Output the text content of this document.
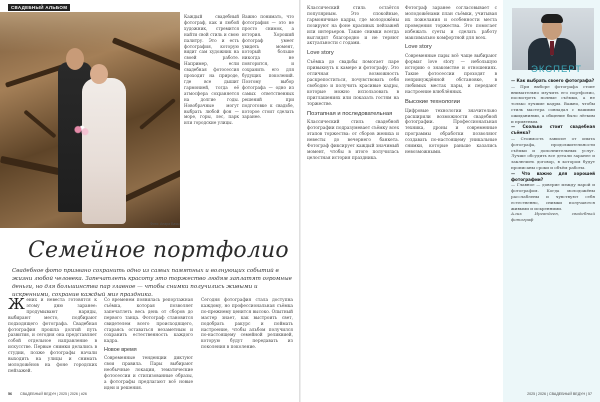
СВАДЕБНЫЙ АЛЬБОМ
Фото: Анара Бачы
Каждый свадебный фотограф, как и любой художник, стремится найти свой стиль и свою палитру. Это и есть фотография, которую видит сам художник на своей работе. Например, если свадебная фотосессия проходит на природе, где все дышит гармонией, тогда её атмосфера сохраняется на долгие годы. Новобрачные могут выбрать любой фон — море, горы, лес, парк или городские улицы.
Важно понимать, что фотография — это не просто снимок, а история. Хороший фотограф умеет увидеть момент, который больше никогда не повторится, и сохранить его для будущих поколений. Поэтому выбор фотографа — одно из самых ответственных решений при подготовке к свадьбе, которое стоит сделать заранее.
Семейное портфолио
Свадебное фото призвано сохранить одно из самых памятных и волнующих событий в жизни любой человека. Запечатлеть красоту это торжество людям заплатят огромные деньги, но для большинства пар главное — чтобы снимки получились живыми и искренними, сохранив каждый миг праздника.
Жених и невеста готовятся к этому дню заранее: продумывают наряды, выбирают место, подбирают подходящего фотографа. Свадебная фотография прошла долгий путь развития, и сегодня она представляет собой отдельное направление в искусстве. Первые снимки делались в студии, позже фотографы начали выходить на улицы и снимать молодожёнов на фоне городских пейзажей.
Со временем появилась репортажная съёмка, которая позволяет запечатлеть весь день от сборов до первого танца. Фотограф становится свидетелем всего происходящего, стараясь оставаться незаметным и сохранить естественность каждого кадра.
Новое время
Современные тенденции диктуют свои правила. Пары выбирают необычные локации, тематические фотосессии и стилизованные образы, а фотографы предлагают всё новые идеи и решения.
Сегодня фотография стала доступна каждому, но профессиональная съёмка по-прежнему ценится высоко. Опытный мастер знает, как выстроить свет, подобрать ракурс и поймать настроение, чтобы альбом получился по-настоящему семейной реликвией, которую будут передавать из поколения в поколение.
56 СВАДЕБНЫЙ ВЕДУН | 2025 | 2026 | #26
Классический стиль остаётся популярным. Это спокойные, гармоничные кадры, где молодожёны позируют на фоне красивых пейзажей или интерьеров. Такие снимки всегда выглядят благородно и не теряют актуальности с годами.
Love story
Съёмка до свадьбы помогает паре привыкнуть к камере и фотографу. Это отличная возможность раскрепоститься, почувствовать себя свободно и получить красивые кадры, которые можно использовать в приглашениях или показать гостям на торжестве.
Поэтапная и последовательная
Классический стиль свадебной фотографии подразумевает съёмку всех этапов торжества: от сборов жениха и невесты до вечернего банкета. Фотограф фиксирует каждый значимый момент, чтобы в итоге получилась целостная история праздника.
Фотограф заранее согласовывает с молодожёнами план съёмки, учитывая их пожелания и особенности места проведения торжества. Это помогает избежать суеты и сделать работу максимально комфортной для всех.
Love story
Современные пары всё чаще выбирают формат love story — небольшую историю о знакомстве и отношениях. Такие фотосессии проходят в непринуждённой обстановке, в любимых местах пары, и передают настроение влюблённых.
Высокие технологии
Цифровые технологии значительно расширили возможности свадебной фотографии. Профессиональная техника, дроны и современные программы обработки позволяют создавать по-настоящему уникальные снимки, которые раньше казались невозможными.
ЭКСПЕРТ
— Как выбрать своего фотографа?
— При выборе фотографа стоит внимательно изучить его портфолио, посмотреть полные съёмки, а не только лучшие кадры. Важно, чтобы стиль мастера совпадал с вашими ожиданиями, а общение было лёгким и приятным.
— Сколько стоит свадебная съёмка?
— Стоимость зависит от опыта фотографа, продолжительности съёмки и дополнительных услуг. Лучше обсудить все детали заранее и заключить договор, в котором будут прописаны сроки и объём работы.
— Что важно для хорошей фотографии?
— Главное — доверие между парой и фотографом. Когда молодожёны расслаблены и чувствуют себя естественно, снимки получаются живыми и искренними.
Алик Иргандеев, свадебный фотограф
2025 | 2026 | СВАДЕБНЫЙ ВЕДУН | 57
